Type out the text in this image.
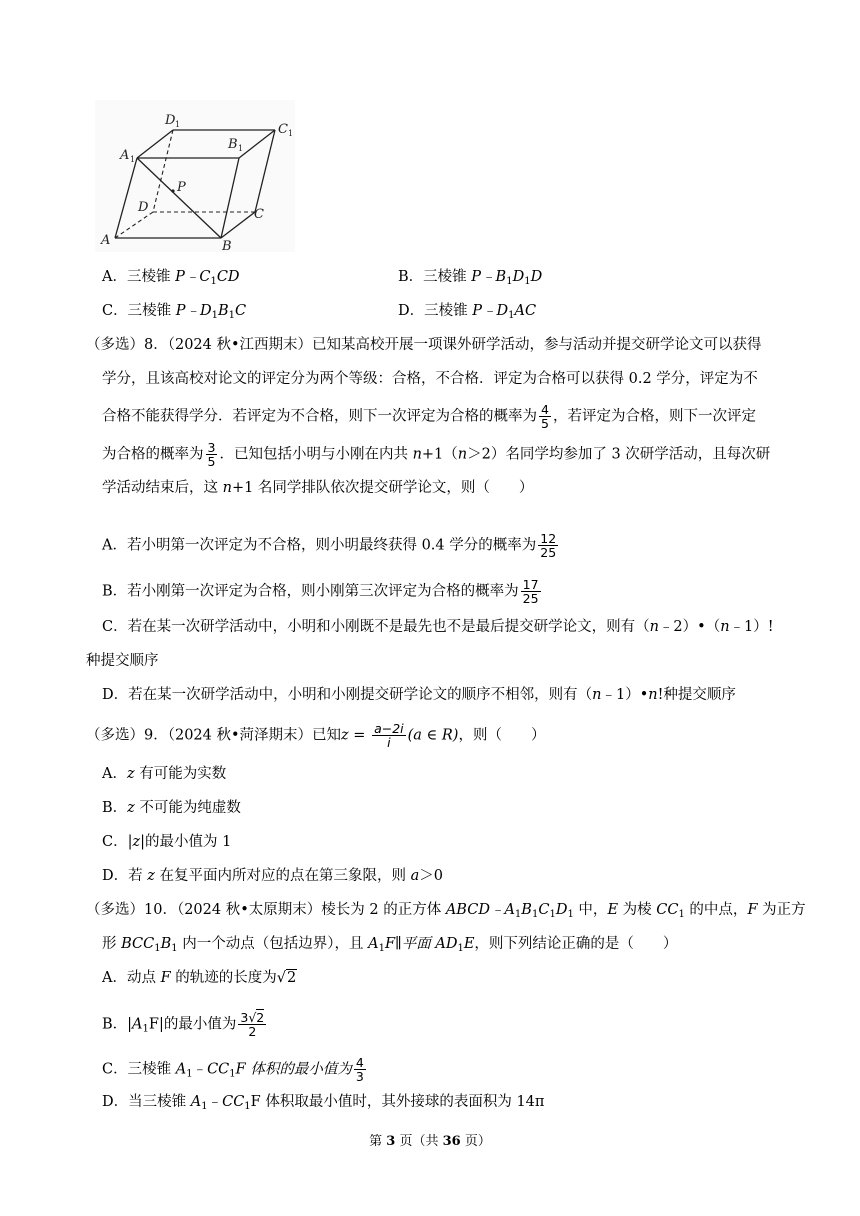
D 1
B 1
C 1
A 1
P
D	C
A	B
A．三棱锥 $P﹣C_1CD$	B．三棱锥 $P﹣B_1D_1D$
C．三棱锥 $P﹣D_1B_1C$	D．三棱锥 $P﹣D_1AC$
（多选）8．（2024 秋•江西期末）已知某高校开展一项课外研学活动，参与活动并提交研学论文可以获得
学分，且该高校对论文的评定分为两个等级：合格，不合格．评定为合格可以获得 0.2 学分，评定为不
合格不能获得学分．若评定为不合格，则下一次评定为合格的概率为 $\frac{4}{5}$ ，若评定为合格，则下一次评定
为合格的概率为 $\frac{3}{5}$ ．已知包括小明与小刚在内共 n+1（n＞2）名同学均参加了 3 次研学活动，且每次研
学活动结束后，这 n+1 名同学排队依次提交研学论文，则（　　）
A．若小明第一次评定为不合格，则小明最终获得 0.4 学分的概率为 $\frac{12}{25}$
B．若小刚第一次评定为合格，则小刚第三次评定为合格的概率为 $\frac{17}{25}$
C．若在某一次研学活动中，小明和小刚既不是最先也不是最后提交研学论文，则有（n﹣2）•（n﹣1）!
种提交顺序
D．若在某一次研学活动中，小明和小刚提交研学论文的顺序不相邻，则有（n﹣1）•n!种提交顺序
（多选）9．（2024 秋•菏泽期末）已知$z = \frac{a-2i}{i} (a$ ∈ R)，则（　　）
A．z 有可能为实数
B．z 不可能为纯虚数
C．|z|的最小值为 1
D．若 z 在复平面内所对应的点在第三象限，则 a＞0
（多选）10．（2024 秋•太原期末）棱长为 2 的正方体 $ABCD﹣A_1B_1C_1D_1$ 中，E 为棱 $CC_1$ 的中点，F 为正方
形 $BCC_1B_1$ 内一个动点（包括边界），且 $A_1F\parallel$平面 $AD_1E$，则下列结论正确的是（　　）
A．动点 F 的轨迹的长度为√2
B．$|A_1F|$的最小值为 $\frac{3√2}{2}$
C．三棱锥 $A_1﹣CC_1F$ 体积的最小值为 $\frac{4}{3}$
D．当三棱锥 $A_1﹣CC_1F$ 体积取最小值时，其外接球的表面积为 14π
第 3 页（共 36 页）
